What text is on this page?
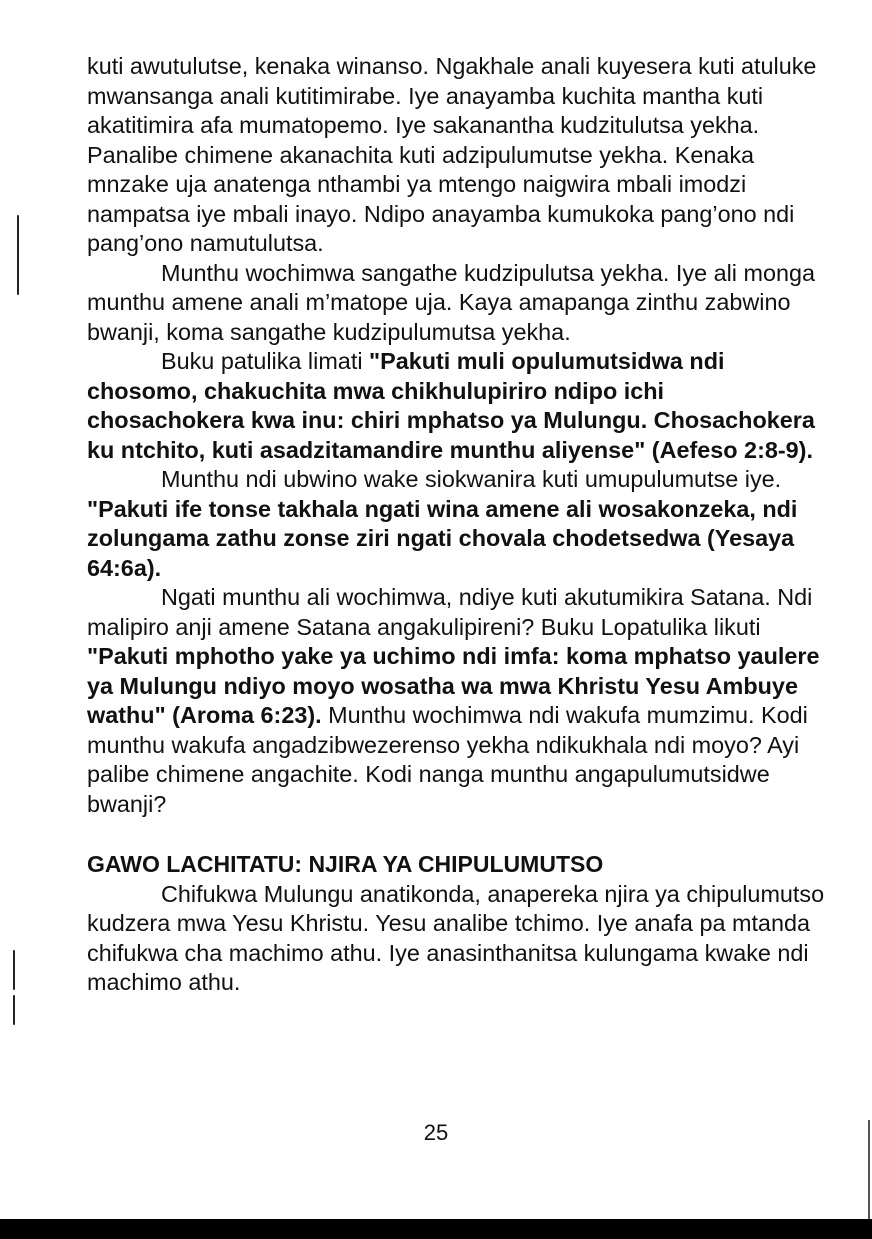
kuti awutulutse, kenaka winanso. Ngakhale anali kuyesera kuti atuluke mwansanga anali kutitimirabe. Iye anayamba kuchita mantha kuti akatitimira afa mumatopemo. Iye sakanantha kudzitulutsa yekha. Panalibe chimene akanachita kuti adzipulumutse yekha. Kenaka mnzake uja anatenga nthambi ya mtengo naigwira mbali imodzi nampatsa iye mbali inayo. Ndipo anayamba kumukoka pang’ono ndi pang’ono namutulutsa.

Munthu wochimwa sangathe kudzipulutsa yekha. Iye ali monga munthu amene anali m’matope uja. Kaya amapanga zinthu zabwino bwanji, koma sangathe kudzipulumutsa yekha.

Buku patulika limati "Pakuti muli opulumutsidwa ndi chosomo, chakuchita mwa chikhulupiriro ndipo ichi chosachokera kwa inu: chiri mphatso ya Mulungu. Chosachokera ku ntchito, kuti asadzitamandire munthu aliyense" (Aefeso 2:8-9).

Munthu ndi ubwino wake siokwanira kuti umupulumutse iye. "Pakuti ife tonse takhala ngati wina amene ali wosakonzeka, ndi zolungama zathu zonse ziri ngati chovala chodetsedwa (Yesaya 64:6a).

Ngati munthu ali wochimwa, ndiye kuti akutumikira Satana. Ndi malipiro anji amene Satana angakulipireni? Buku Lopatulika likuti "Pakuti mphotho yake ya uchimo ndi imfa: koma mphatso yaulere ya Mulungu ndiyo moyo wosatha wa mwa Khristu Yesu Ambuye wathu" (Aroma 6:23). Munthu wochimwa ndi wakufa mumzimu. Kodi munthu wakufa angadzibwezerenso yekha ndikukhala ndi moyo? Ayi palibe chimene angachite. Kodi nanga munthu angapulumutsidwe bwanji?

GAWO LACHITATU: NJIRA YA CHIPULUMUTSO

Chifukwa Mulungu anatikonda, anapereka njira ya chipulumutso kudzera mwa Yesu Khristu. Yesu analibe tchimo. Iye anafa pa mtanda chifukwa cha machimo athu. Iye anasinthanitsa kulungama kwake ndi machimo athu.

25
